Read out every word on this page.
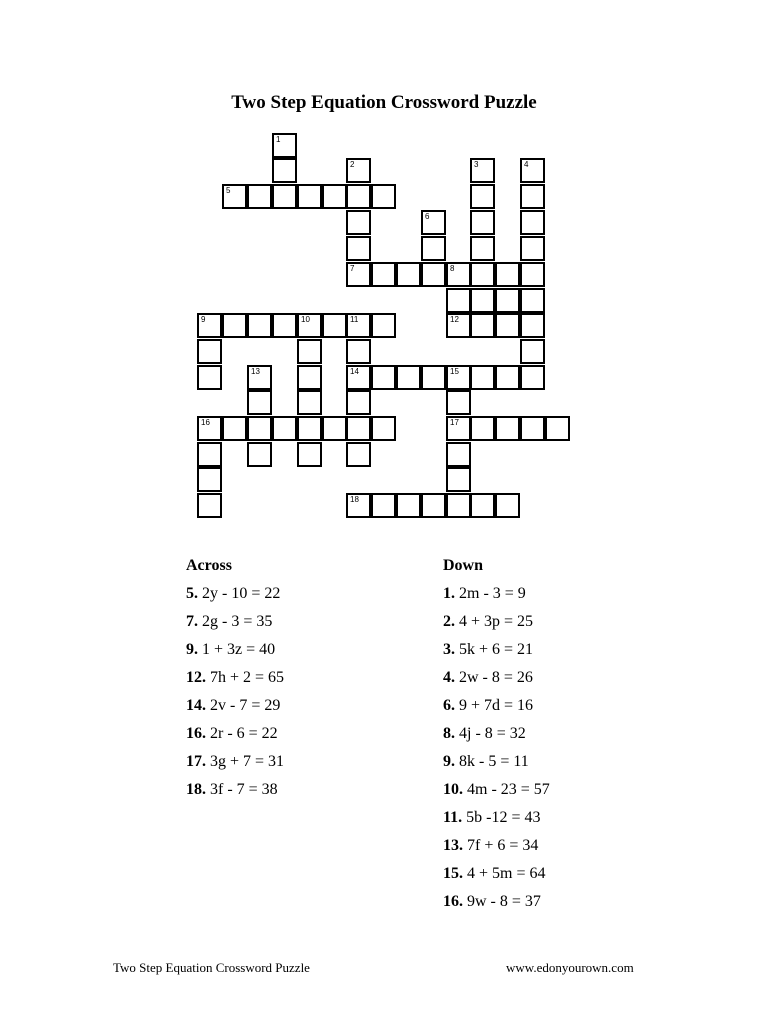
Two Step Equation Crossword Puzzle
1
2	3	4
5
6
7	8
9	10	11	12
13	14	15
16	17
18
Across
5. 2y - 10 = 22
7. 2g - 3 = 35
9. 1 + 3z = 40
12. 7h + 2 = 65
14. 2v - 7 = 29
16. 2r - 6 = 22
17. 3g + 7 = 31
18. 3f - 7 = 38
Down
1. 2m - 3 = 9
2. 4 + 3p = 25
3. 5k + 6 = 21
4. 2w - 8 = 26
6. 9 + 7d = 16
8. 4j - 8 = 32
9. 8k - 5 = 11
10. 4m - 23 = 57
11. 5b -12 = 43
13. 7f + 6 = 34
15. 4 + 5m = 64
16. 9w - 8 = 37
Two Step Equation Crossword Puzzle	www.edonyourown.com
